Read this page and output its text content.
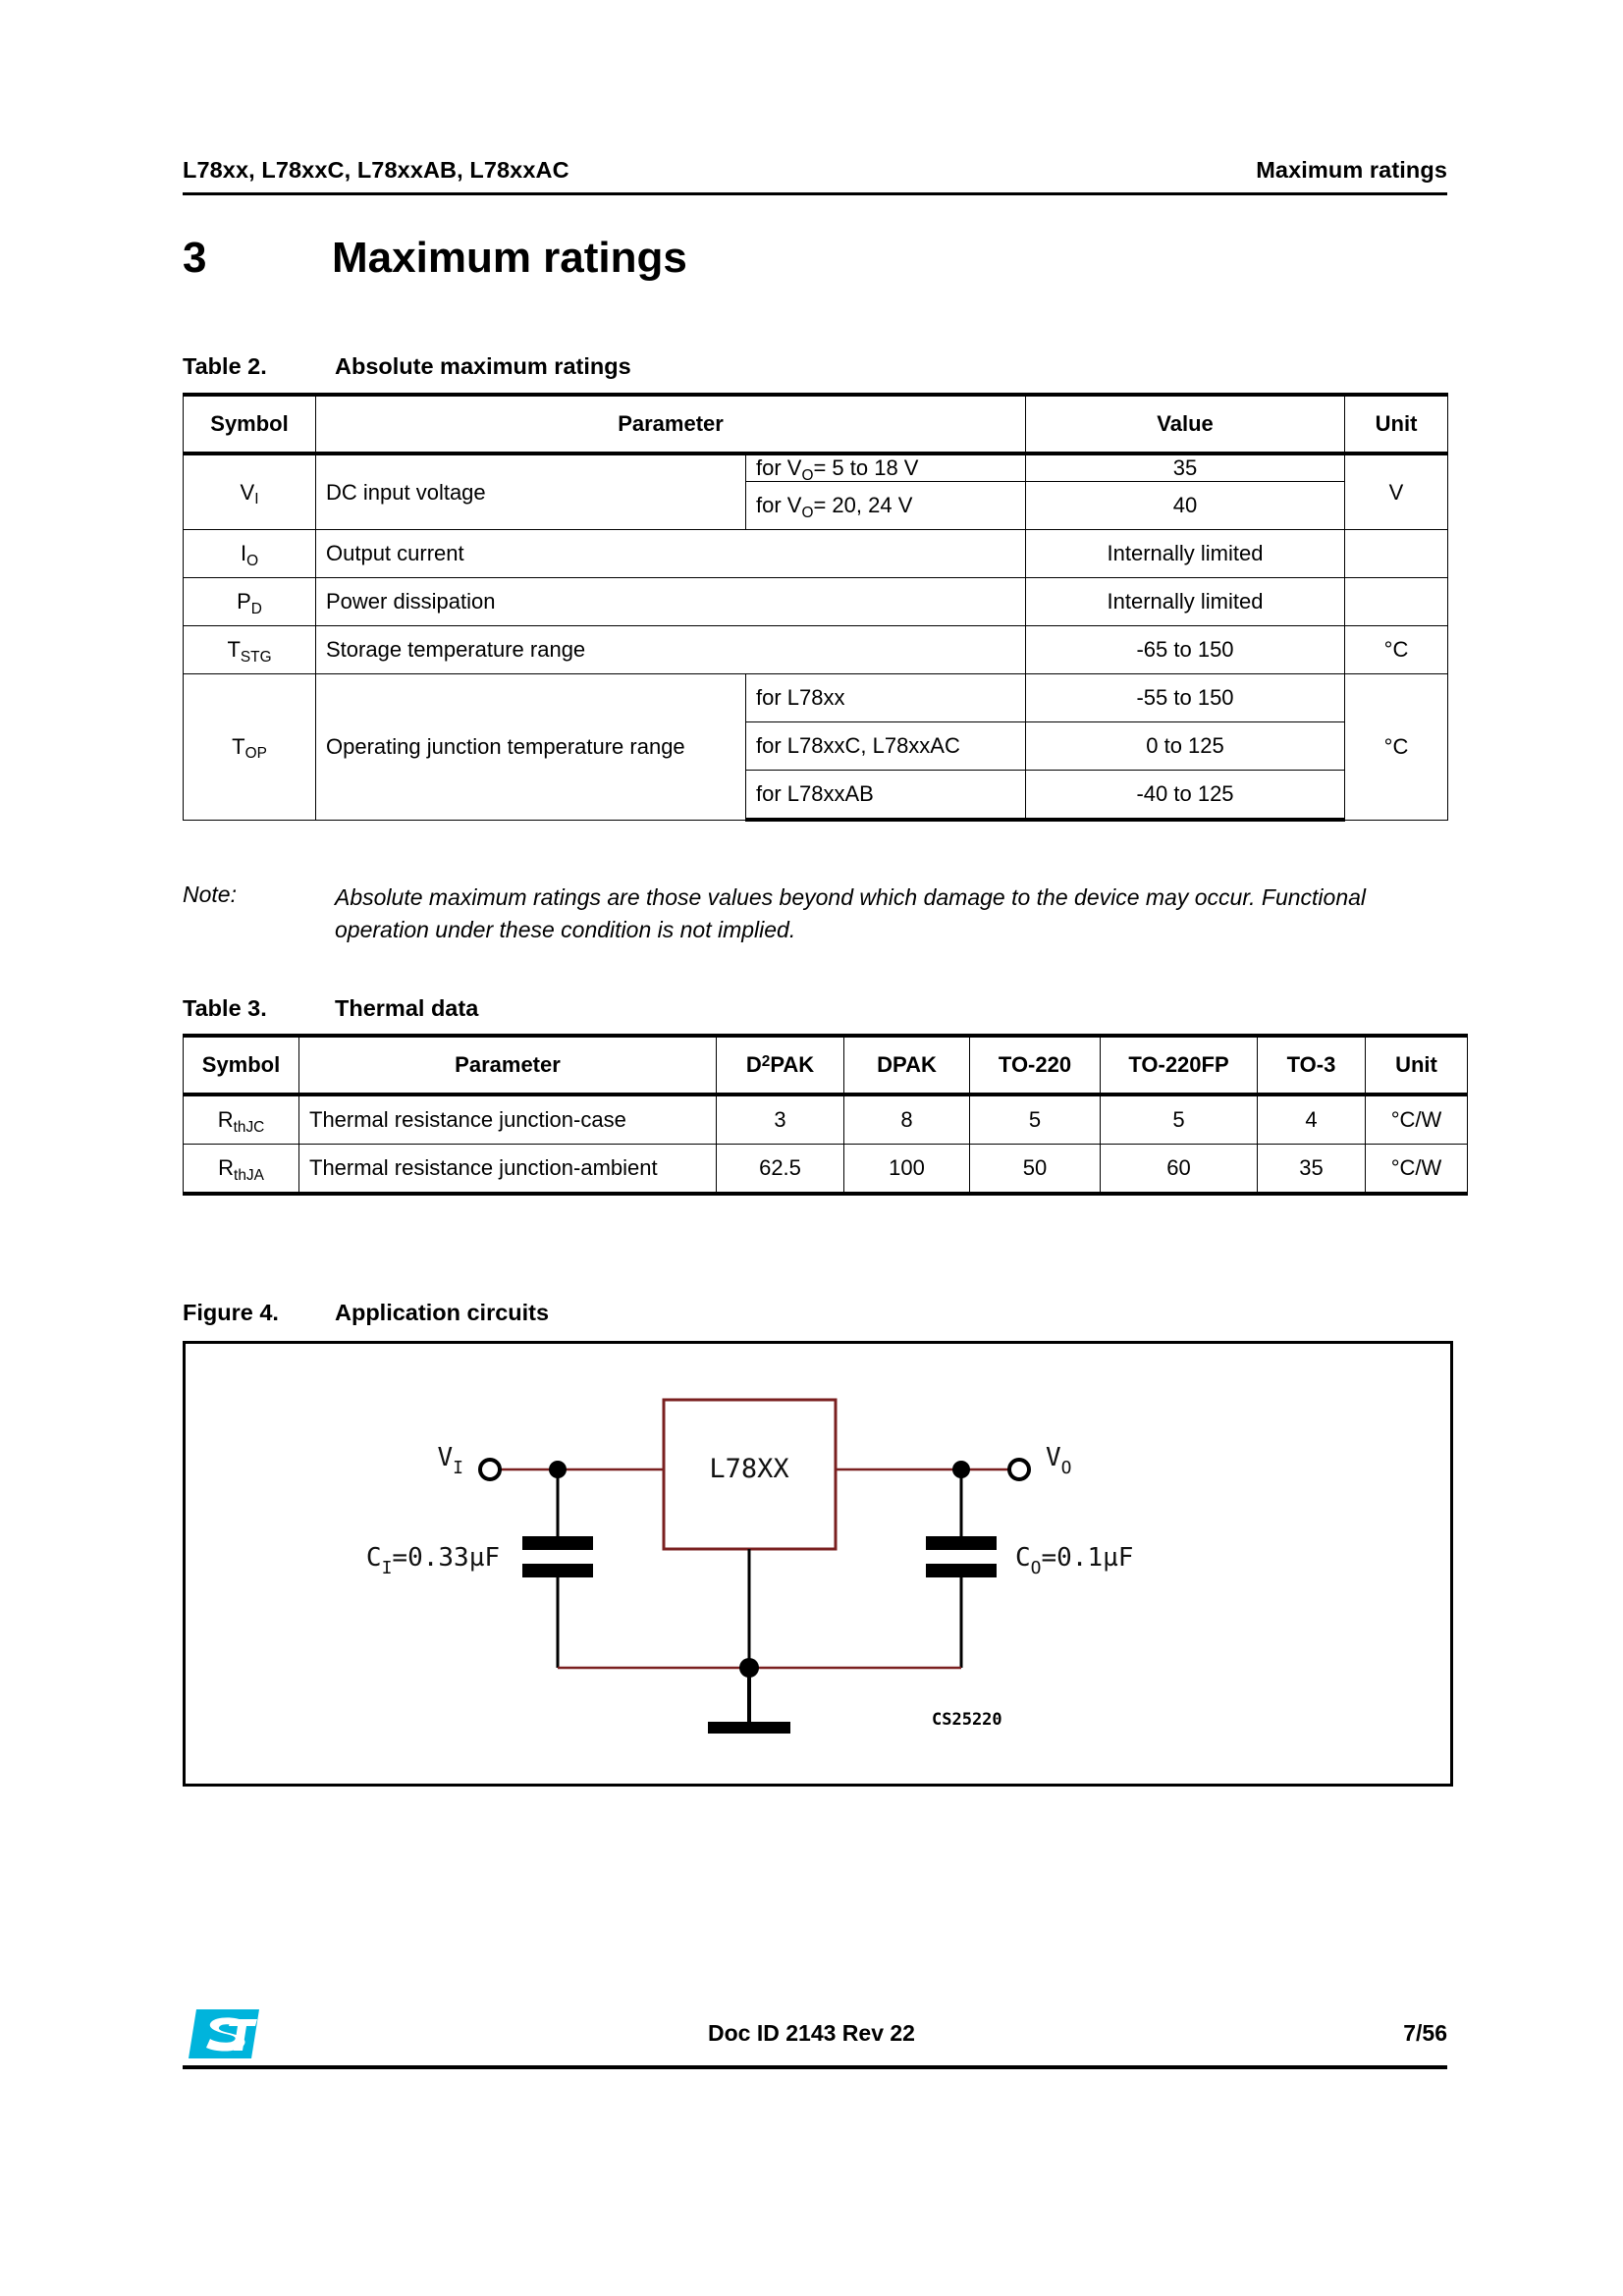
L78xx, L78xxC, L78xxAB, L78xxAC	Maximum ratings
3	Maximum ratings
Table 2.	Absolute maximum ratings
Symbol	Parameter		Value	Unit
$V_I$	DC input voltage	for $V_O= 5$ to 18 V	35	V
		for $V_O= 20$, 24 V	40	
$I_O$	Output current		Internally limited	
$P_D$	Power dissipation		Internally limited	
$T_{STG}$	Storage temperature range		-65 to 150	°C
$T_{OP}$	Operating junction temperature range	for L78xx	-55 to 150	°C
		for L78xxC, L78xxAC	0 to 125	
		for L78xxAB	-40 to 125	
Note:	Absolute maximum ratings are those values beyond which damage to the device may occur. Functional operation under these condition is not implied.
Table 3.	Thermal data
Symbol	Parameter	$D^2PAK$	DPAK	TO-220	TO-220FP	TO-3	Unit
$R_{thJC}$	Thermal resistance junction-case	3	8	5	5	4	°C/W
$R_{thJA}$	Thermal resistance junction-ambient	62.5	100	50	60	35	°C/W
Figure 4.	Application circuits
L78XX
$V_I$
$C_I=0.33\mu F$
$V_O$
$C_O=0.1\mu F$
CS25220
Doc ID 2143 Rev 22	7/56
